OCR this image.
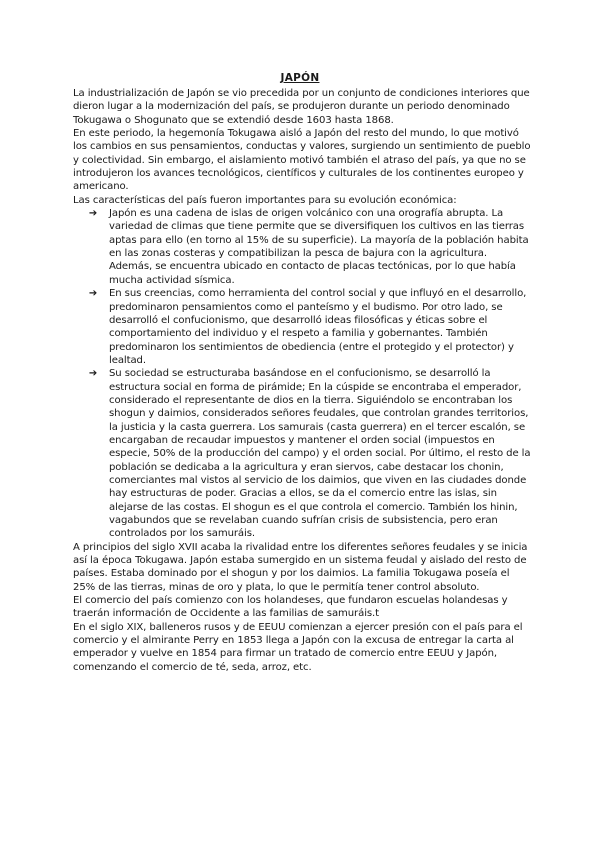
JAPÓN

La industrialización de Japón se vio precedida por un conjunto de condiciones interiores que dieron lugar a la modernización del país, se produjeron durante un periodo denominado Tokugawa o Shogunato que se extendió desde 1603 hasta 1868.

En este periodo, la hegemonía Tokugawa aisló a Japón del resto del mundo, lo que motivó los cambios en sus pensamientos, conductas y valores, surgiendo un sentimiento de pueblo y colectividad. Sin embargo, el aislamiento motivó también el atraso del país, ya que no se introdujeron los avances tecnológicos, científicos y culturales de los continentes europeo y americano.

Las características del país fueron importantes para su evolución económica:

➔	Japón es una cadena de islas de origen volcánico con una orografía abrupta. La variedad de climas que tiene permite que se diversifiquen los cultivos en las tierras aptas para ello (en torno al 15% de su superficie). La mayoría de la población habita en las zonas costeras y compatibilizan la pesca de bajura con la agricultura. Además, se encuentra ubicado en contacto de placas tectónicas, por lo que había mucha actividad sísmica.
➔	En sus creencias, como herramienta del control social y que influyó en el desarrollo, predominaron pensamientos como el panteísmo y el budismo. Por otro lado, se desarrolló el confucionismo, que desarrolló ideas filosóficas y éticas sobre el comportamiento del individuo y el respeto a familia y gobernantes. También predominaron los sentimientos de obediencia (entre el protegido y el protector) y lealtad.
➔	Su sociedad se estructuraba basándose en el confucionismo, se desarrolló la estructura social en forma de pirámide; En la cúspide se encontraba el emperador, considerado el representante de dios en la tierra. Siguiéndolo se encontraban los shogun y daimios, considerados señores feudales, que controlan grandes territorios, la justicia y la casta guerrera. Los samurais (casta guerrera) en el tercer escalón, se encargaban de recaudar impuestos y mantener el orden social (impuestos en especie, 50% de la producción del campo) y el orden social. Por último, el resto de la población se dedicaba a la agricultura y eran siervos, cabe destacar los chonin, comerciantes mal vistos al servicio de los daimios, que viven en las ciudades donde hay estructuras de poder. Gracias a ellos, se da el comercio entre las islas, sin alejarse de las costas. El shogun es el que controla el comercio. También los hinin, vagabundos que se revelaban cuando sufrían crisis de subsistencia, pero eran controlados por los samuráis.

A principios del siglo XVII acaba la rivalidad entre los diferentes señores feudales y se inicia así la época Tokugawa. Japón estaba sumergido en un sistema feudal y aislado del resto de países. Estaba dominado por el shogun y por los daimios. La familia Tokugawa poseía el 25% de las tierras, minas de oro y plata, lo que le permitía tener control absoluto.

El comercio del país comienzo con los holandeses, que fundaron escuelas holandesas y traerán información de Occidente a las familias de samuráis.t

En el siglo XIX, balleneros rusos y de EEUU comienzan a ejercer presión con el país para el comercio y el almirante Perry en 1853 llega a Japón con la excusa de entregar la carta al emperador y vuelve en 1854 para firmar un tratado de comercio entre EEUU y Japón, comenzando el comercio de té, seda, arroz, etc.
